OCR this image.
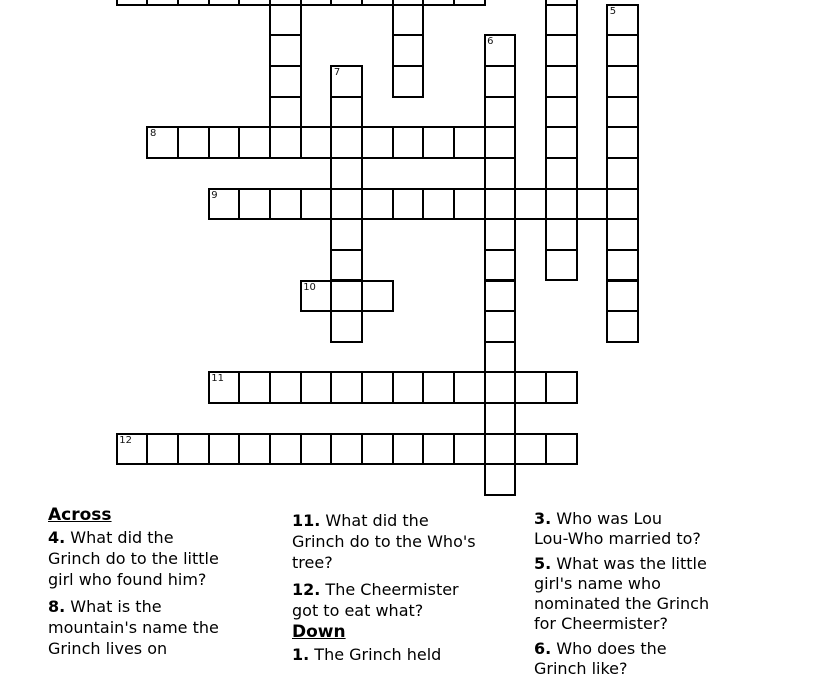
8
9
10
11
12
5
6
7
Across
4. What did the
Grinch do to the little
girl who found him?
8. What is the
mountain's name the
Grinch lives on
11. What did the
Grinch do to the Who's
tree?
12. The Cheermister
got to eat what?
Down
1. The Grinch held
3. Who was Lou
Lou-Who married to?
5. What was the little
girl's name who
nominated the Grinch
for Cheermister?
6. Who does the
Grinch like?
